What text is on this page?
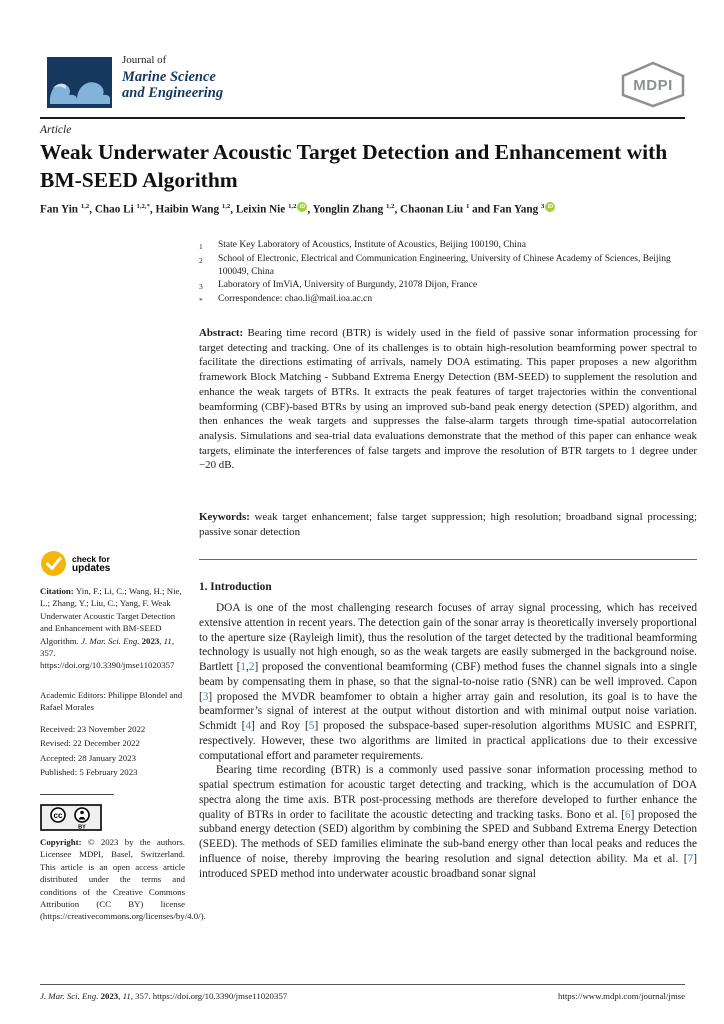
Journal of
Marine Science
and Engineering	MDPI
Article
Weak Underwater Acoustic Target Detection and Enhancement with BM-SEED Algorithm
Fan Yin $^{1,2}$, Chao Li $^{1,2,*}$, Haibin Wang $^{1,2}$, Leixin Nie $^{1,2}$ iD , Yonglin Zhang $^{1,2}$, Chaonan Liu $^1$ and Fan Yang $^3$ iD
1	State Key Laboratory of Acoustics, Institute of Acoustics, Beijing 100190, China
2	School of Electronic, Electrical and Communication Engineering, University of Chinese Academy of Sciences, Beijing 100049, China
3	Laboratory of ImViA, University of Burgundy, 21078 Dijon, France
*	Correspondence: chao.li@mail.ioa.ac.cn
Abstract: Bearing time record (BTR) is widely used in the field of passive sonar information processing for target detecting and tracking. One of its challenges is to obtain high-resolution beamforming power spectral to facilitate the directions estimating of arrivals, namely DOA estimating. This paper proposes a new algorithm framework Block Matching - Subband Extrema Energy Detection (BM-SEED) to supplement the resolution and enhance the weak targets of BTRs. It extracts the peak features of target trajectories within the conventional beamforming (CBF)-based BTRs by using an improved sub-band peak energy detection (SPED) algorithm, and then enhances the weak targets and suppresses the false-alarm targets through time-spatial autocorrelation analysis. Simulations and sea-trial data evaluations demonstrate that the method of this paper can enhance weak targets, eliminate the interferences of false targets and improve the resolution of BTR targets to 1 degree under −20 dB.
Keywords: weak target enhancement; false target suppression; high resolution; broadband signal processing; passive sonar detection
check for
updates
Citation: Yin, F.; Li, C.; Wang, H.; Nie, L.; Zhang, Y.; Liu, C.; Yang, F. Weak Underwater Acoustic Target Detection and Enhancement with BM-SEED Algorithm. J. Mar. Sci. Eng. 2023, 11, 357. https://doi.org/10.3390/jmse11020357
Academic Editors: Philippe Blondel and Rafael Morales
Received: 23 November 2022
Revised: 22 December 2022
Accepted: 28 January 2023
Published: 5 February 2023
cc
BY
Copyright: © 2023 by the authors. Licensee MDPI, Basel, Switzerland. This article is an open access article distributed under the terms and conditions of the Creative Commons Attribution (CC BY) license (https://creativecommons.org/licenses/by/4.0/).
1. Introduction

DOA is one of the most challenging research focuses of array signal processing, which has received extensive attention in recent years. The detection gain of the sonar array is theoretically inversely proportional to the aperture size (Rayleigh limit), thus the resolution of the target detected by the traditional beamforming technology is usually not high enough, so as the weak targets are easily submerged in the background noise. Bartlett [1,2] proposed the conventional beamforming (CBF) method fuses the channel signals into a single beam by compensating them in phase, so that the signal-to-noise ratio (SNR) can be well improved. Capon [3] proposed the MVDR beamfomer to obtain a higher array gain and resolution, its goal is to have the beamformer’s signal of interest at the output without distortion and with minimal output noise variation. Schmidt [4] and Roy [5] proposed the subspace-based super-resolution algorithms MUSIC and ESPRIT, respectively. However, these two algorithms are limited in practical applications due to their excessive computational effort and parameter requirements.

Bearing time recording (BTR) is a commonly used passive sonar information processing method to spatial spectrum estimation for acoustic target detecting and tracking, which is the accumulation of DOA spectra along the time axis. BTR post-processing methods are therefore developed to further enhance the quality of BTRs in order to facilitate the acoustic detecting and tracking tasks. Bono et al. [6] proposed the subband energy detection (SED) algorithm by combining the SPED and Subband Extrema Energy Detection (SEED). The methods of SED families eliminate the sub-band energy other than local peaks and reduces the influence of noise, thereby improving the bearing resolution and signal detection ability. Ma et al. [7] introduced SPED method into underwater acoustic broadband sonar signal

J. Mar. Sci. Eng. 2023, 11, 357. https://doi.org/10.3390/jmse11020357	https://www.mdpi.com/journal/jmse
